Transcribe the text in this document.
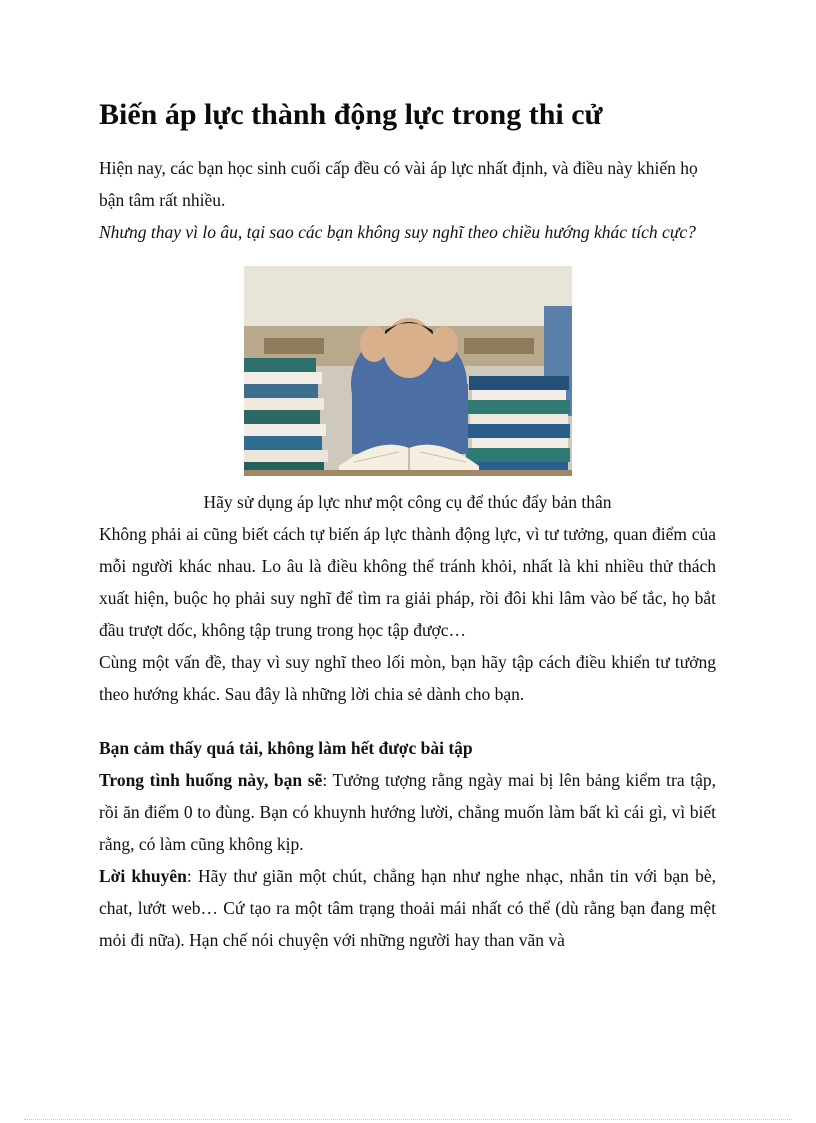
Biến áp lực thành động lực trong thi cử

Hiện nay, các bạn học sinh cuối cấp đều có vài áp lực nhất định, và điều này khiến họ bận tâm rất nhiều.

Nhưng thay vì lo âu, tại sao các bạn không suy nghĩ theo chiều hướng khác tích cực?

Hãy sử dụng áp lực như một công cụ để thúc đẩy bản thân

Không phải ai cũng biết cách tự biến áp lực thành động lực, vì tư tưởng, quan điểm của mỗi người khác nhau. Lo âu là điều không thể tránh khỏi, nhất là khi nhiều thử thách xuất hiện, buộc họ phải suy nghĩ để tìm ra giải pháp, rồi đôi khi lâm vào bế tắc, họ bắt đầu trượt dốc, không tập trung trong học tập được…

Cùng một vấn đề, thay vì suy nghĩ theo lối mòn, bạn hãy tập cách điều khiển tư tưởng theo hướng khác. Sau đây là những lời chia sẻ dành cho bạn.

Bạn cảm thấy quá tải, không làm hết được bài tập

Trong tình huống này, bạn sẽ: Tưởng tượng rằng ngày mai bị lên bảng kiểm tra tập, rồi ăn điểm 0 to đùng. Bạn có khuynh hướng lười, chẳng muốn làm bất kì cái gì, vì biết rằng, có làm cũng không kịp.

Lời khuyên: Hãy thư giãn một chút, chẳng hạn như nghe nhạc, nhắn tin với bạn bè, chat, lướt web… Cứ tạo ra một tâm trạng thoải mái nhất có thể (dù rằng bạn đang mệt mỏi đi nữa). Hạn chế nói chuyện với những người hay than vãn và
